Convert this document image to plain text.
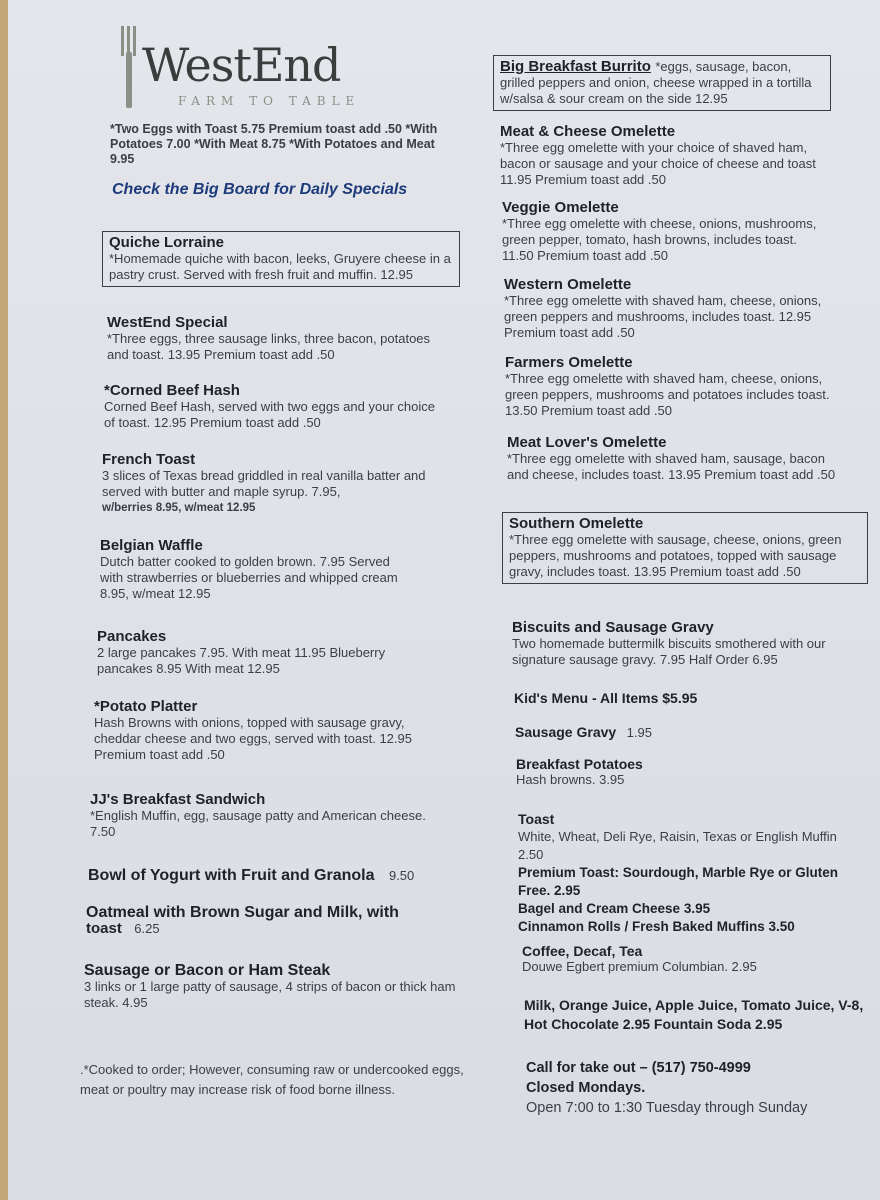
WestEnd
FARM TO TABLE
*Two Eggs with Toast 5.75 Premium toast add .50 *With Potatoes 7.00 *With Meat 8.75 *With Potatoes and Meat 9.95
Check the Big Board for Daily Specials
Quiche Lorraine
*Homemade quiche with bacon, leeks, Gruyere cheese in a pastry crust. Served with fresh fruit and muffin. 12.95
WestEnd Special
*Three eggs, three sausage links, three bacon, potatoes and toast. 13.95 Premium toast add .50
*Corned Beef Hash
Corned Beef Hash, served with two eggs and your choice of toast. 12.95 Premium toast add .50
French Toast
3 slices of Texas bread griddled in real vanilla batter and served with butter and maple syrup. 7.95,
w/berries 8.95, w/meat 12.95
Belgian Waffle
Dutch batter cooked to golden brown. 7.95 Served with strawberries or blueberries and whipped cream 8.95, w/meat 12.95
Pancakes
2 large pancakes 7.95. With meat 11.95 Blueberry pancakes 8.95 With meat 12.95
*Potato Platter
Hash Browns with onions, topped with sausage gravy, cheddar cheese and two eggs, served with toast. 12.95 Premium toast add .50
JJ's Breakfast Sandwich
*English Muffin, egg, sausage patty and American cheese. 7.50
Bowl of Yogurt with Fruit and Granola 9.50
Oatmeal with Brown Sugar and Milk, with
toast 6.25
Sausage or Bacon or Ham Steak
3 links or 1 large patty of sausage, 4 strips of bacon or thick ham steak. 4.95
.*Cooked to order; However, consuming raw or undercooked eggs, meat or poultry may increase risk of food borne illness.
Big Breakfast Burrito *eggs, sausage, bacon, grilled peppers and onion, cheese wrapped in a tortilla w/salsa & sour cream on the side 12.95
Meat & Cheese Omelette
*Three egg omelette with your choice of shaved ham, bacon or sausage and your choice of cheese and toast 11.95 Premium toast add .50
Veggie Omelette
*Three egg omelette with cheese, onions, mushrooms, green pepper, tomato, hash browns, includes toast. 11.50 Premium toast add .50
Western Omelette
*Three egg omelette with shaved ham, cheese, onions, green peppers and mushrooms, includes toast. 12.95 Premium toast add .50
Farmers Omelette
*Three egg omelette with shaved ham, cheese, onions, green peppers, mushrooms and potatoes includes toast. 13.50 Premium toast add .50
Meat Lover's Omelette
*Three egg omelette with shaved ham, sausage, bacon and cheese, includes toast. 13.95 Premium toast add .50
Southern Omelette
*Three egg omelette with sausage, cheese, onions, green peppers, mushrooms and potatoes, topped with sausage gravy, includes toast. 13.95 Premium toast add .50
Biscuits and Sausage Gravy
Two homemade buttermilk biscuits smothered with our signature sausage gravy. 7.95 Half Order 6.95
Kid's Menu - All Items $5.95
Sausage Gravy 1.95
Breakfast Potatoes
Hash browns. 3.95
Toast
White, Wheat, Deli Rye, Raisin, Texas or English Muffin 2.50
Premium Toast: Sourdough, Marble Rye or Gluten Free. 2.95
Bagel and Cream Cheese 3.95
Cinnamon Rolls / Fresh Baked Muffins 3.50
Coffee, Decaf, Tea
Douwe Egbert premium Columbian. 2.95
Milk, Orange Juice, Apple Juice, Tomato Juice, V-8, Hot Chocolate 2.95 Fountain Soda 2.95
Call for take out – (517) 750-4999
Closed Mondays.
Open 7:00 to 1:30 Tuesday through Sunday
